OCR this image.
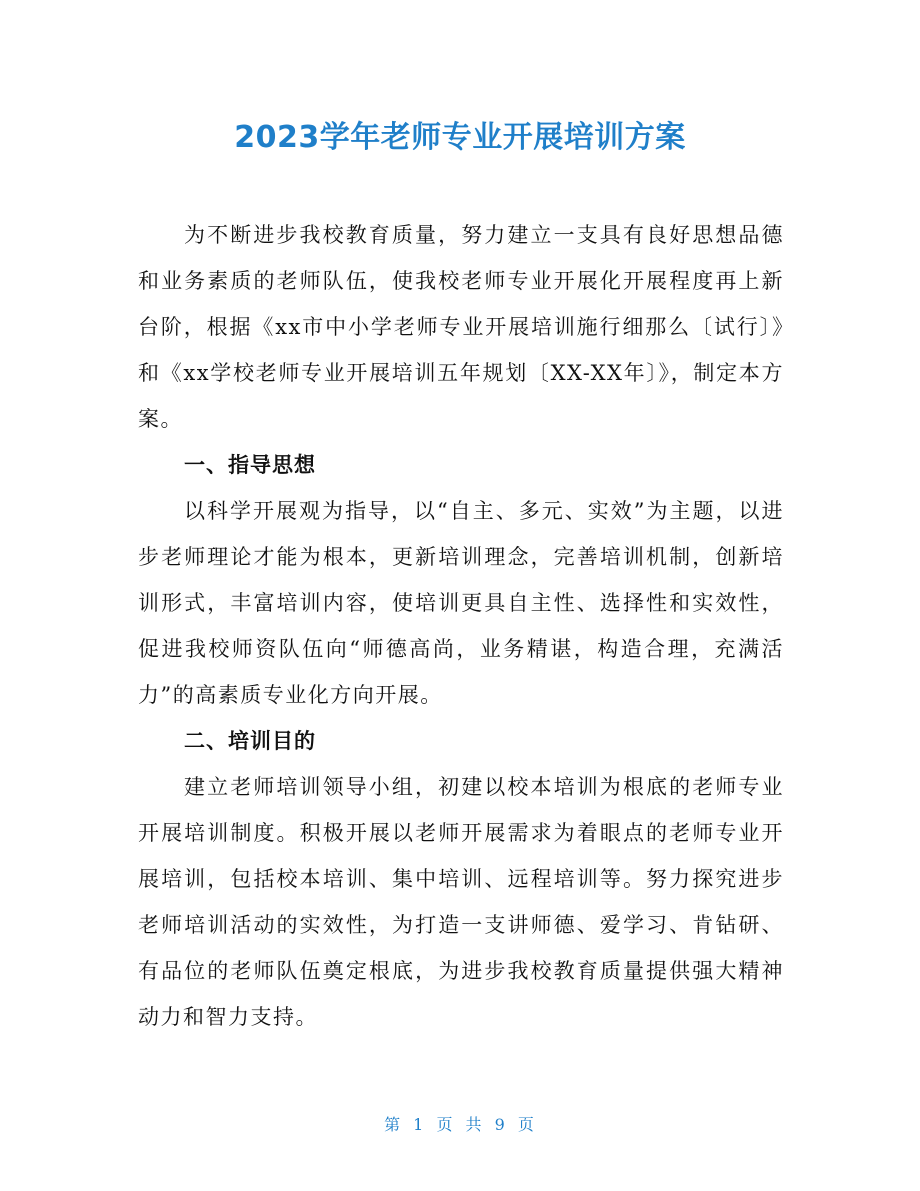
2023学年老师专业开展培训方案

为不断进步我校教育质量，努力建立一支具有良好思想品德和业务素质的老师队伍，使我校老师专业开展化开展程度再上新台阶，根据《xx市中小学老师专业开展培训施行细那么〔试行〕》和《xx学校老师专业开展培训五年规划〔XX-XX年〕》，制定本方案。

一、指导思想

以科学开展观为指导，以“自主、多元、实效”为主题，以进步老师理论才能为根本，更新培训理念，完善培训机制，创新培训形式，丰富培训内容，使培训更具自主性、选择性和实效性，促进我校师资队伍向“师德高尚，业务精谌，构造合理，充满活力”的高素质专业化方向开展。

二、培训目的

建立老师培训领导小组，初建以校本培训为根底的老师专业开展培训制度。积极开展以老师开展需求为着眼点的老师专业开展培训，包括校本培训、集中培训、远程培训等。努力探究进步老师培训活动的实效性，为打造一支讲师德、爱学习、肯钻研、有品位的老师队伍奠定根底，为进步我校教育质量提供强大精神动力和智力支持。

第 1 页 共 9 页
